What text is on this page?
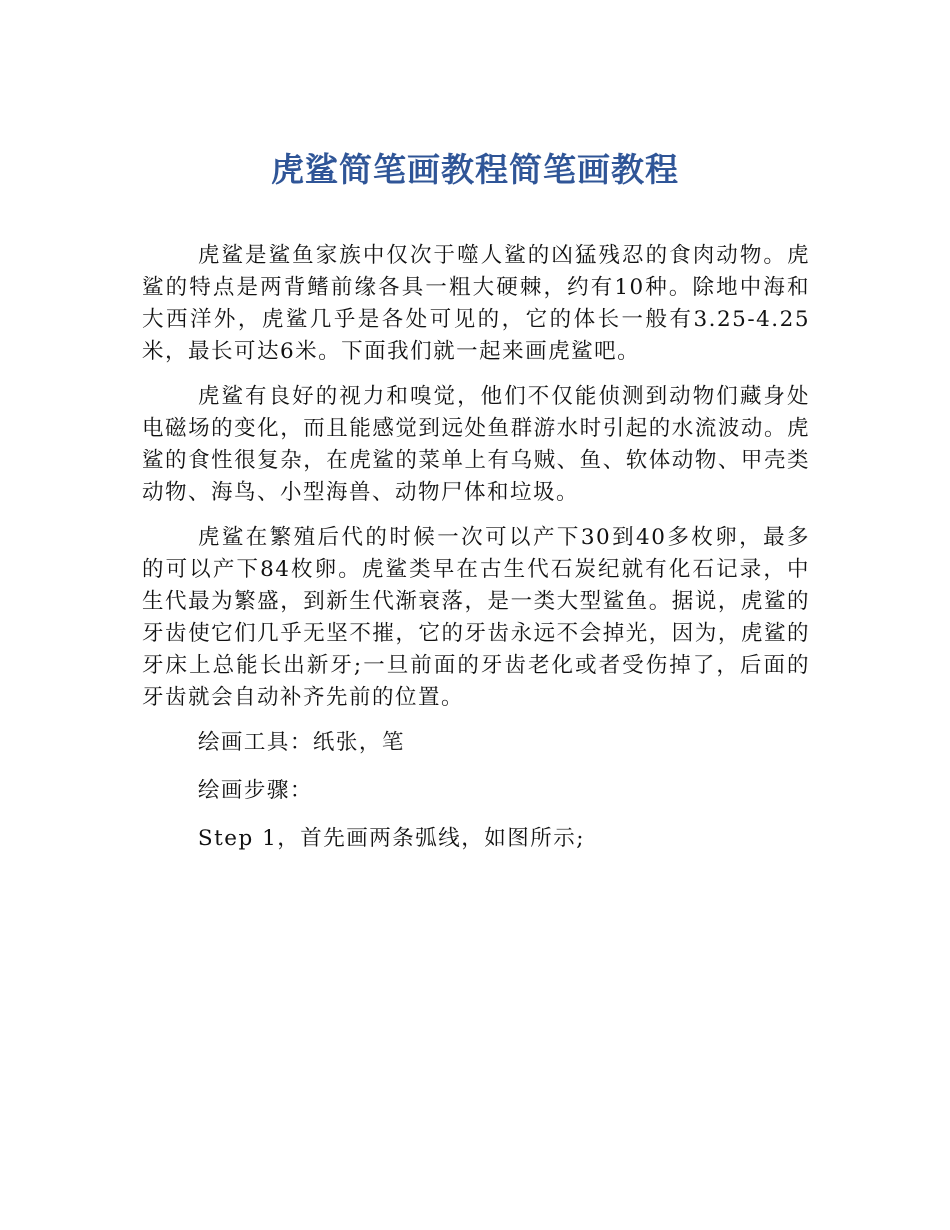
虎鲨简笔画教程简笔画教程

虎鲨是鲨鱼家族中仅次于噬人鲨的凶猛残忍的食肉动物。虎鲨的特点是两背鳍前缘各具一粗大硬棘，约有10种。除地中海和大西洋外，虎鲨几乎是各处可见的，它的体长一般有3.25-4.25米，最长可达6米。下面我们就一起来画虎鲨吧。

虎鲨有良好的视力和嗅觉，他们不仅能侦测到动物们藏身处电磁场的变化，而且能感觉到远处鱼群游水时引起的水流波动。虎鲨的食性很复杂，在虎鲨的菜单上有乌贼、鱼、软体动物、甲壳类动物、海鸟、小型海兽、动物尸体和垃圾。

虎鲨在繁殖后代的时候一次可以产下30到40多枚卵，最多的可以产下84枚卵。虎鲨类早在古生代石炭纪就有化石记录，中生代最为繁盛，到新生代渐衰落，是一类大型鲨鱼。据说，虎鲨的牙齿使它们几乎无坚不摧，它的牙齿永远不会掉光，因为，虎鲨的牙床上总能长出新牙;一旦前面的牙齿老化或者受伤掉了，后面的牙齿就会自动补齐先前的位置。

绘画工具：纸张，笔

绘画步骤：

Step 1，首先画两条弧线，如图所示;
